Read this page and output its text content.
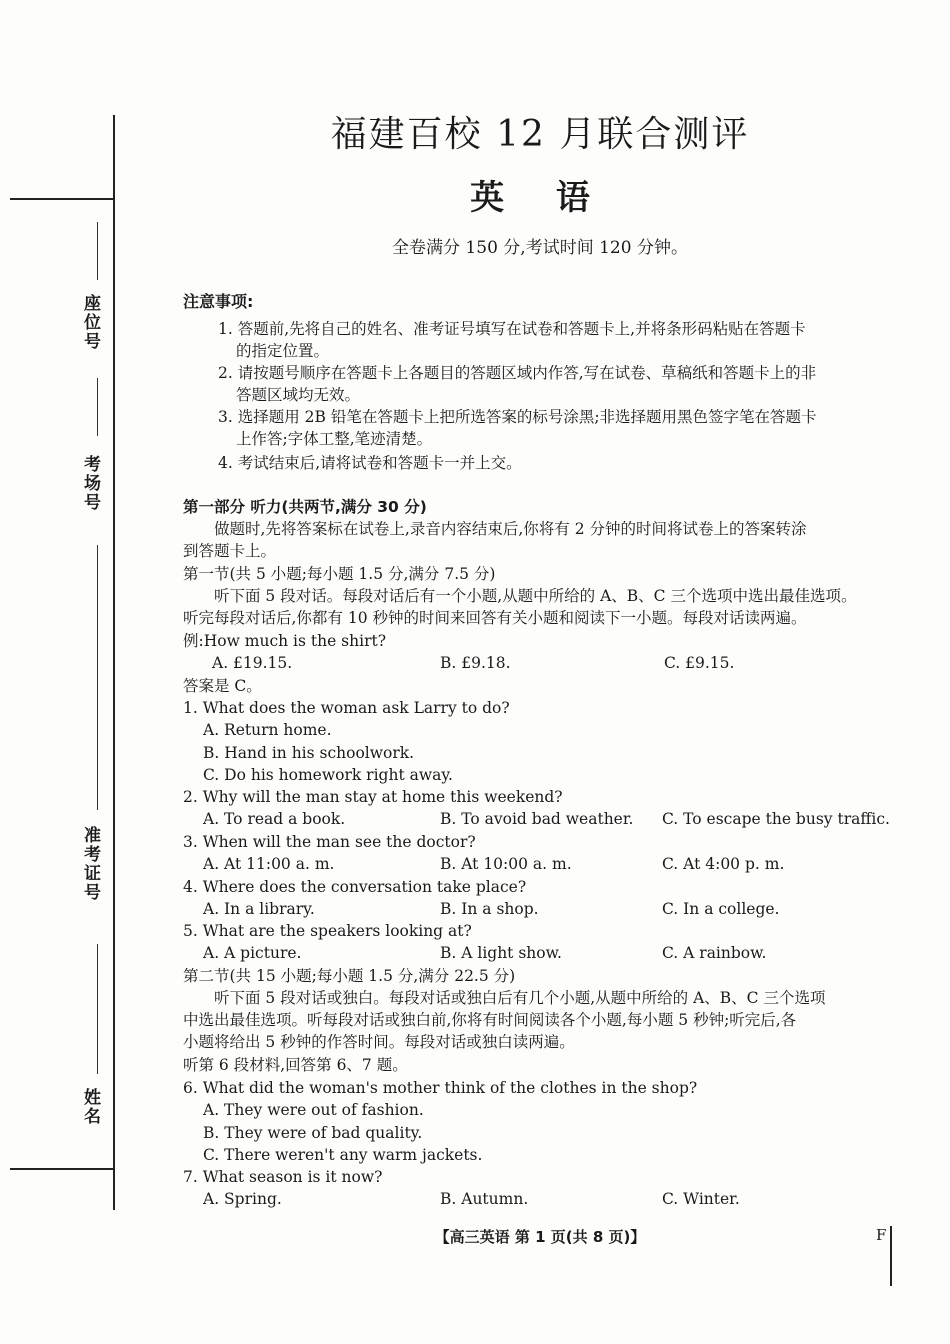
座位号
考场号
准考证号
姓名
福建百校 12 月联合测评
英 语
全卷满分 150 分,考试时间 120 分钟。
注意事项:
1. 答题前,先将自己的姓名、准考证号填写在试卷和答题卡上,并将条形码粘贴在答题卡
的指定位置。
2. 请按题号顺序在答题卡上各题目的答题区域内作答,写在试卷、草稿纸和答题卡上的非
答题区域均无效。
3. 选择题用 2B 铅笔在答题卡上把所选答案的标号涂黑;非选择题用黑色签字笔在答题卡
上作答;字体工整,笔迹清楚。
4. 考试结束后,请将试卷和答题卡一并上交。
第一部分 听力(共两节,满分 30 分)
做题时,先将答案标在试卷上,录音内容结束后,你将有 2 分钟的时间将试卷上的答案转涂
到答题卡上。
第一节(共 5 小题;每小题 1.5 分,满分 7.5 分)
听下面 5 段对话。每段对话后有一个小题,从题中所给的 A、B、C 三个选项中选出最佳选项。
听完每段对话后,你都有 10 秒钟的时间来回答有关小题和阅读下一小题。每段对话读两遍。
例:How much is the shirt?
A. £19.15.	B. £9.18.	C. £9.15.
答案是 C。
1. What does the woman ask Larry to do?
A. Return home.
B. Hand in his schoolwork.
C. Do his homework right away.
2. Why will the man stay at home this weekend?
A. To read a book.	B. To avoid bad weather. C. To escape the busy traffic.
3. When will the man see the doctor?
A. At 11:00 a. m.	B. At 10:00 a. m.	C. At 4:00 p. m.
4. Where does the conversation take place?
A. In a library.	B. In a shop.	C. In a college.
5. What are the speakers looking at?
A. A picture.	B. A light show.	C. A rainbow.
第二节(共 15 小题;每小题 1.5 分,满分 22.5 分)
听下面 5 段对话或独白。每段对话或独白后有几个小题,从题中所给的 A、B、C 三个选项
中选出最佳选项。听每段对话或独白前,你将有时间阅读各个小题,每小题 5 秒钟;听完后,各
小题将给出 5 秒钟的作答时间。每段对话或独白读两遍。
听第 6 段材料,回答第 6、7 题。
6. What did the woman's mother think of the clothes in the shop?
A. They were out of fashion.
B. They were of bad quality.
C. There weren't any warm jackets.
7. What season is it now?
A. Spring.	B. Autumn.	C. Winter.
【高三英语 第 1 页(共 8 页)】	F
